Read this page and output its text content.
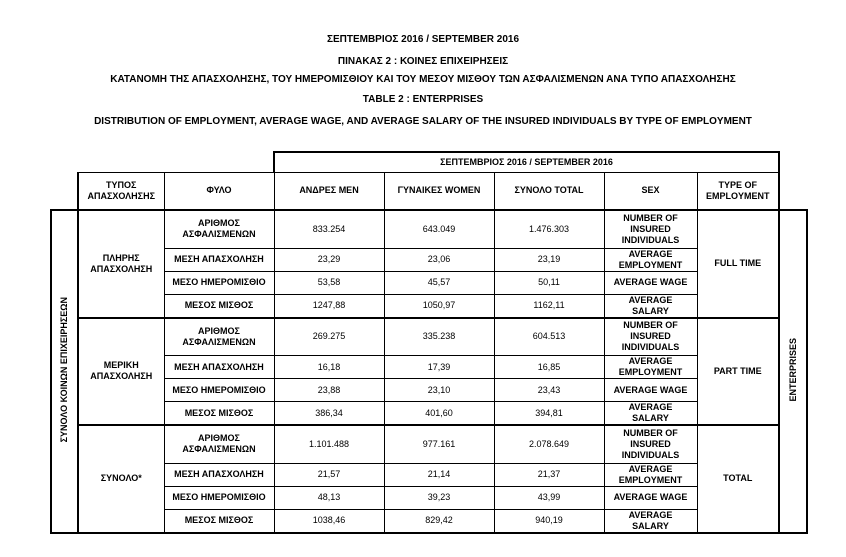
ΣΕΠΤΕΜΒΡΙΟΣ 2016 / SEPTEMBER 2016
ΠΙΝΑΚΑΣ 2 : ΚΟΙΝΕΣ ΕΠΙΧΕΙΡΗΣΕΙΣ
ΚΑΤΑΝΟΜΗ ΤΗΣ ΑΠΑΣΧΟΛΗΣΗΣ, ΤΟΥ ΗΜΕΡΟΜΙΣΘΙΟΥ ΚΑΙ ΤΟΥ ΜΕΣΟΥ ΜΙΣΘΟΥ ΤΩΝ ΑΣΦΑΛΙΣΜΕΝΩΝ ΑΝΑ ΤΥΠΟ ΑΠΑΣΧΟΛΗΣΗΣ
TABLE 2 : ENTERPRISES
DISTRIBUTION OF EMPLOYMENT, AVERAGE WAGE, AND AVERAGE SALARY OF THE INSURED INDIVIDUALS BY TYPE OF EMPLOYMENT
			ΣΕΠΤΕΜΒΡΙΟΣ 2016 / SEPTEMBER 2016					
	ΤΥΠΟΣ ΑΠΑΣΧΟΛΗΣΗΣ	ΦΥΛΟ	ΑΝΔΡΕΣ MEN	ΓΥΝΑΙΚΕΣ WOMEN	ΣΥΝΟΛΟ TOTAL	SEX	TYPE OF EMPLOYMENT	
ΣΥΝΟΛΟ ΚΟΙΝΩΝ ΕΠΙΧΕΙΡΗΣΕΩΝ	ΠΛΗΡΗΣ ΑΠΑΣΧΟΛΗΣΗ	ΑΡΙΘΜΟΣ ΑΣΦΑΛΙΣΜΕΝΩΝ	833.254	643.049	1.476.303	NUMBER OF INSURED INDIVIDUALS	FULL TIME	ENTERPRISES
		ΜΕΣΗ ΑΠΑΣΧΟΛΗΣΗ	23,29	23,06	23,19	AVERAGE EMPLOYMENT		
		ΜΕΣΟ ΗΜΕΡΟΜΙΣΘΙΟ	53,58	45,57	50,11	AVERAGE WAGE		
		ΜΕΣΟΣ ΜΙΣΘΟΣ	1247,88	1050,97	1162,11	AVERAGE SALARY		
	ΜΕΡΙΚΗ ΑΠΑΣΧΟΛΗΣΗ	ΑΡΙΘΜΟΣ ΑΣΦΑΛΙΣΜΕΝΩΝ	269.275	335.238	604.513	NUMBER OF INSURED INDIVIDUALS	PART TIME	
		ΜΕΣΗ ΑΠΑΣΧΟΛΗΣΗ	16,18	17,39	16,85	AVERAGE EMPLOYMENT		
		ΜΕΣΟ ΗΜΕΡΟΜΙΣΘΙΟ	23,88	23,10	23,43	AVERAGE WAGE		
		ΜΕΣΟΣ ΜΙΣΘΟΣ	386,34	401,60	394,81	AVERAGE SALARY		
	ΣΥΝΟΛΟ*	ΑΡΙΘΜΟΣ ΑΣΦΑΛΙΣΜΕΝΩΝ	1.101.488	977.161	2.078.649	NUMBER OF INSURED INDIVIDUALS	TOTAL	
		ΜΕΣΗ ΑΠΑΣΧΟΛΗΣΗ	21,57	21,14	21,37	AVERAGE EMPLOYMENT		
		ΜΕΣΟ ΗΜΕΡΟΜΙΣΘΙΟ	48,13	39,23	43,99	AVERAGE WAGE		
		ΜΕΣΟΣ ΜΙΣΘΟΣ	1038,46	829,42	940,19	AVERAGE SALARY		
